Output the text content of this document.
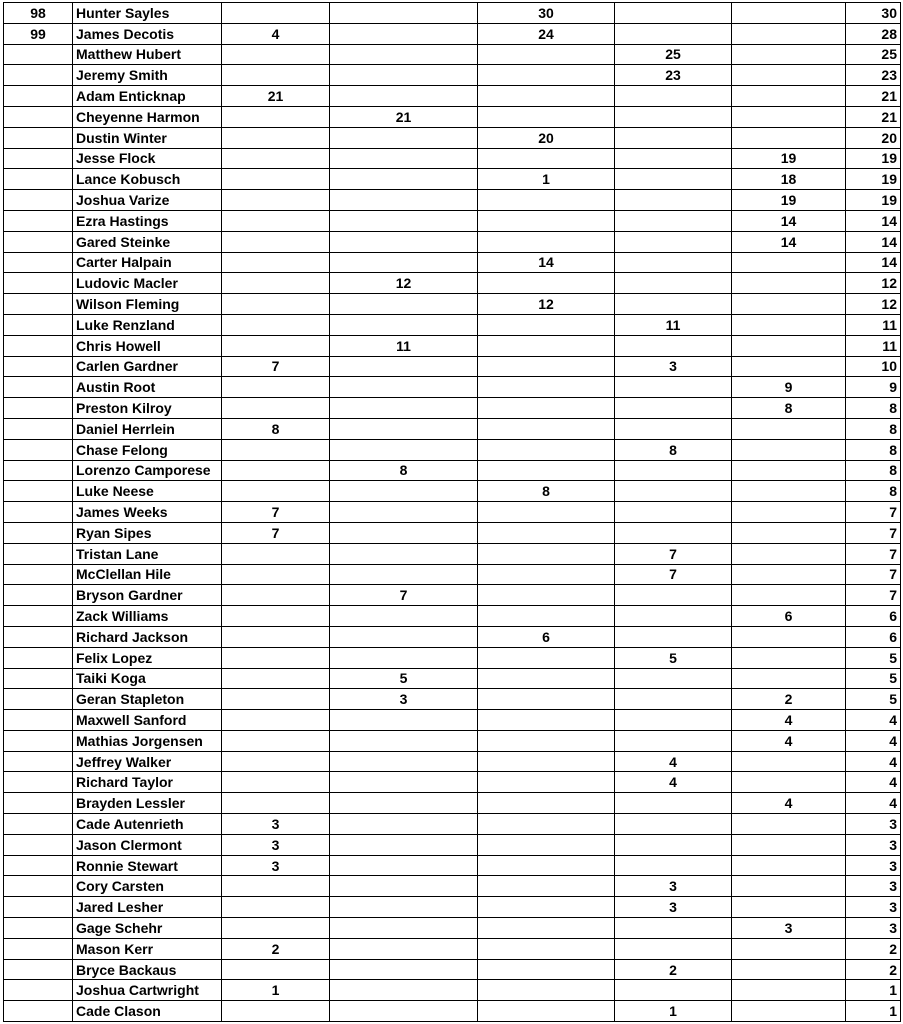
98	Hunter Sayles			30			30
99	James Decotis	4		24			28
	Matthew Hubert				25		25
	Jeremy Smith				23		23
	Adam Enticknap	21					21
	Cheyenne Harmon		21				21
	Dustin Winter			20			20
	Jesse Flock					19	19
	Lance Kobusch			1		18	19
	Joshua Varize					19	19
	Ezra Hastings					14	14
	Gared Steinke					14	14
	Carter Halpain			14			14
	Ludovic Macler		12				12
	Wilson Fleming			12			12
	Luke Renzland				11		11
	Chris Howell		11				11
	Carlen Gardner	7			3		10
	Austin Root					9	9
	Preston Kilroy					8	8
	Daniel Herrlein	8					8
	Chase Felong				8		8
	Lorenzo Camporese		8				8
	Luke Neese			8			8
	James Weeks	7					7
	Ryan Sipes	7					7
	Tristan Lane				7		7
	McClellan Hile				7		7
	Bryson Gardner		7				7
	Zack Williams					6	6
	Richard Jackson			6			6
	Felix Lopez				5		5
	Taiki Koga		5				5
	Geran Stapleton		3			2	5
	Maxwell Sanford					4	4
	Mathias Jorgensen					4	4
	Jeffrey Walker				4		4
	Richard Taylor				4		4
	Brayden Lessler					4	4
	Cade Autenrieth	3					3
	Jason Clermont	3					3
	Ronnie Stewart	3					3
	Cory Carsten				3		3
	Jared Lesher				3		3
	Gage Schehr					3	3
	Mason Kerr	2					2
	Bryce Backaus				2		2
	Joshua Cartwright	1					1
	Cade Clason				1		1
